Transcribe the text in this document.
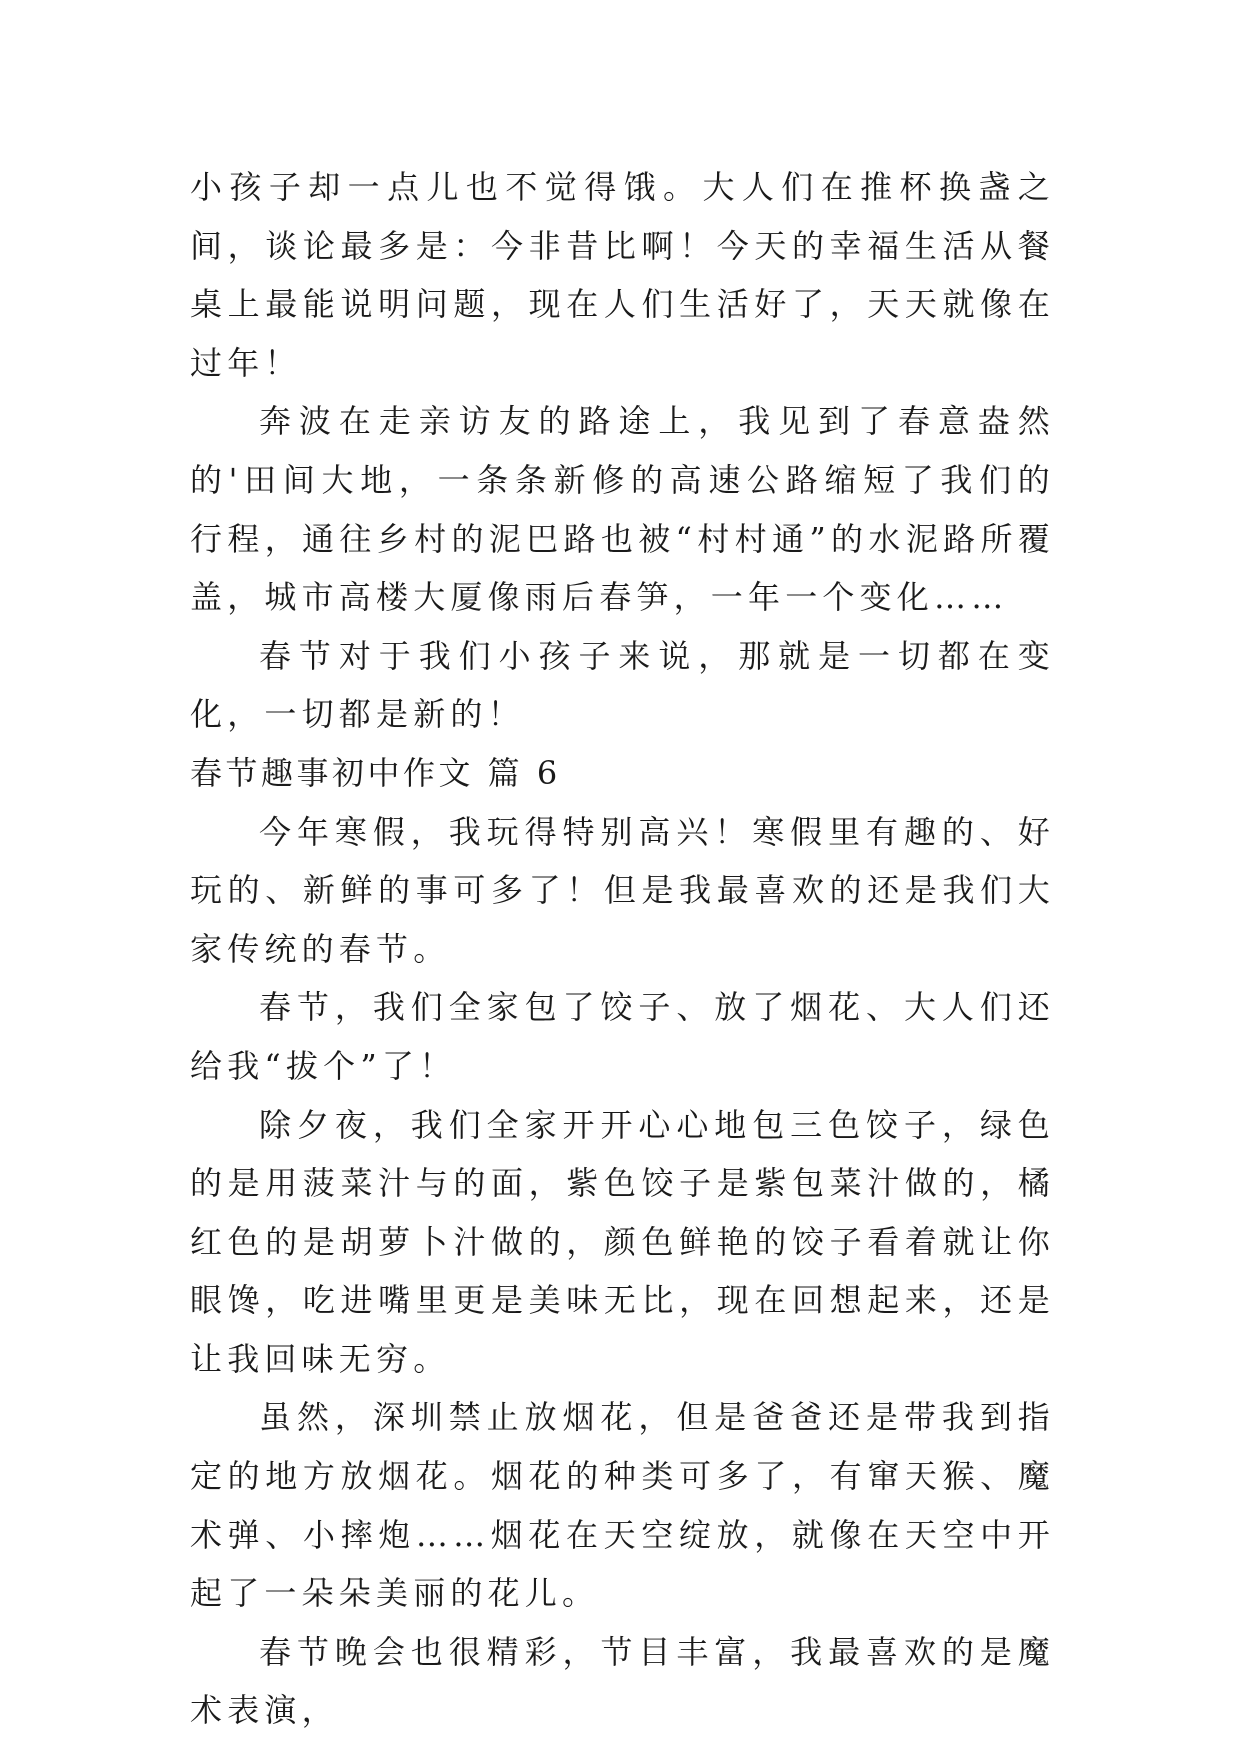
小孩子却一点儿也不觉得饿。大人们在推杯换盏之间，谈论最多是：今非昔比啊！今天的幸福生活从餐桌上最能说明问题，现在人们生活好了，天天就像在过年！

奔波在走亲访友的路途上，我见到了春意盎然的'田间大地，一条条新修的高速公路缩短了我们的行程，通往乡村的泥巴路也被“村村通”的水泥路所覆盖，城市高楼大厦像雨后春笋，一年一个变化……

春节对于我们小孩子来说，那就是一切都在变化，一切都是新的！

春节趣事初中作文 篇 6

今年寒假，我玩得特别高兴！寒假里有趣的、好玩的、新鲜的事可多了！但是我最喜欢的还是我们大家传统的春节。

春节，我们全家包了饺子、放了烟花、大人们还给我“拔个”了！

除夕夜，我们全家开开心心地包三色饺子，绿色的是用菠菜汁与的面，紫色饺子是紫包菜汁做的，橘红色的是胡萝卜汁做的，颜色鲜艳的饺子看着就让你眼馋，吃进嘴里更是美味无比，现在回想起来，还是让我回味无穷。

虽然，深圳禁止放烟花，但是爸爸还是带我到指定的地方放烟花。烟花的种类可多了，有窜天猴、魔术弹、小摔炮……烟花在天空绽放，就像在天空中开起了一朵朵美丽的花儿。

春节晚会也很精彩，节目丰富，我最喜欢的是魔术表演，
